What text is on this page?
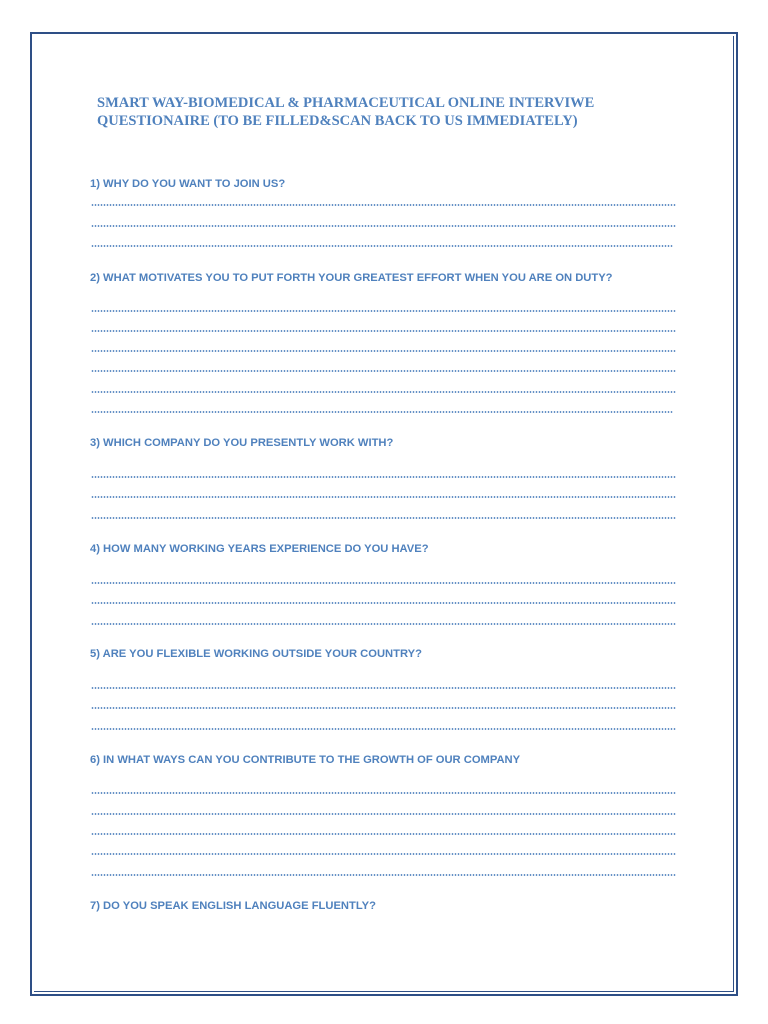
SMART WAY-BIOMEDICAL & PHARMACEUTICAL ONLINE INTERVIWE
QUESTIONAIRE (TO BE FILLED&SCAN BACK TO US IMMEDIATELY)

1) WHY DO YOU WANT TO JOIN US?

2) WHAT MOTIVATES YOU TO PUT FORTH YOUR GREATEST EFFORT WHEN YOU ARE ON DUTY?

3) WHICH COMPANY DO YOU PRESENTLY WORK WITH?

4) HOW MANY WORKING YEARS EXPERIENCE DO YOU HAVE?

5) ARE YOU FLEXIBLE WORKING OUTSIDE YOUR COUNTRY?

6) IN WHAT WAYS CAN YOU CONTRIBUTE TO THE GROWTH OF OUR COMPANY

7) DO YOU SPEAK ENGLISH LANGUAGE FLUENTLY?
